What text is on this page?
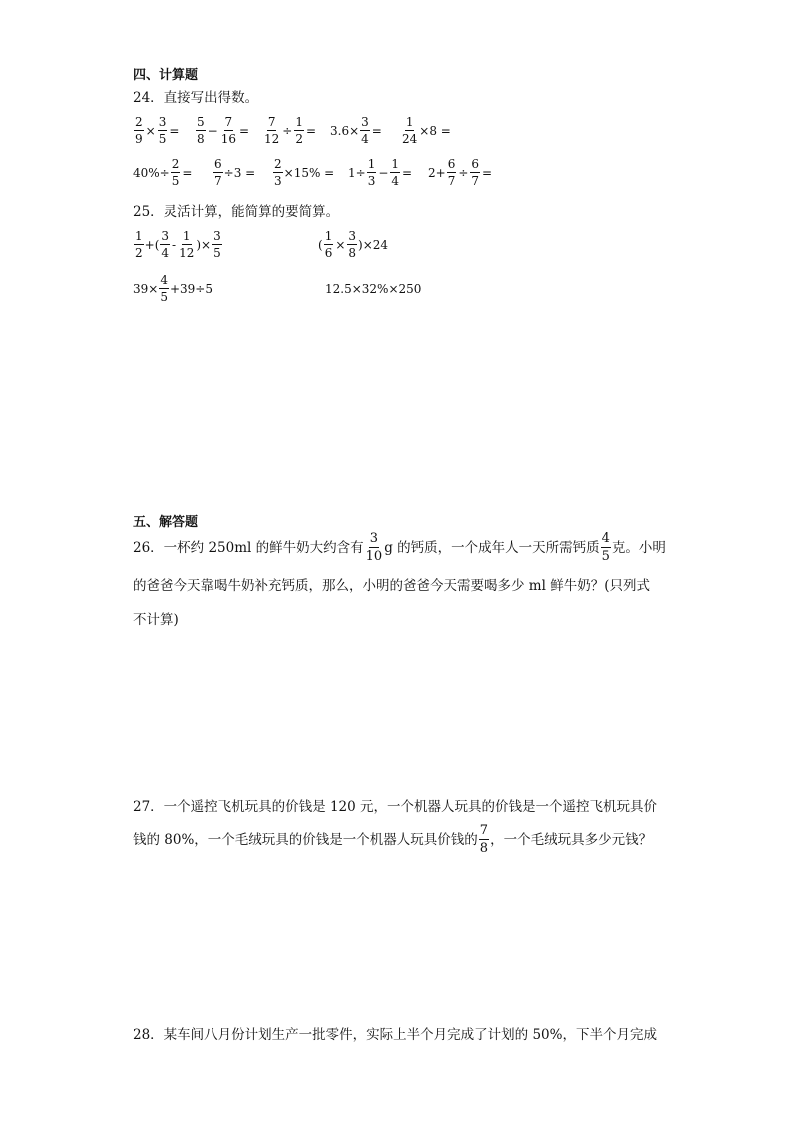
四、计算题
24．直接写出得数。
$\frac{2}{9} \times \frac{3}{5} = \frac{5}{8} - \frac{7}{16} = \frac{7}{12} \div \frac{1}{2} = 3.6\times \frac{3}{4} = \frac{1}{24} \times 8$ =
$40\%\div \frac{2}{5} = \frac{6}{7} \div 3 = \frac{2}{3} \times 15\% = 1\div \frac{1}{3} - \frac{1}{4} = 2+ \frac{6}{7} \div \frac{6}{7}$ =
25．灵活计算，能简算的要简算。
$\frac{1}{2}$ +( $\frac{3}{4} - \frac{1}{12}$ )× $\frac{3}{5}$	( $\frac{1}{6} \times \frac{3}{8} )\times 24$
$39\times \frac{4}{5} +39\div 5$	12.5×32%×250
五、解答题
26．一杯约 250ml 的鲜牛奶大约含有 $\frac{3}{10}$ g 的钙质，一个成年人一天所需钙质 $\frac{4}{5}$ 克。小明
的爸爸今天靠喝牛奶补充钙质，那么，小明的爸爸今天需要喝多少 ml 鲜牛奶？(只列式
不计算)
27．一个遥控飞机玩具的价钱是 120 元，一个机器人玩具的价钱是一个遥控飞机玩具价
钱的 80%，一个毛绒玩具的价钱是一个机器人玩具价钱的 $\frac{7}{8}$ ，一个毛绒玩具多少元钱？
28．某车间八月份计划生产一批零件，实际上半个月完成了计划的 50%，下半个月完成
